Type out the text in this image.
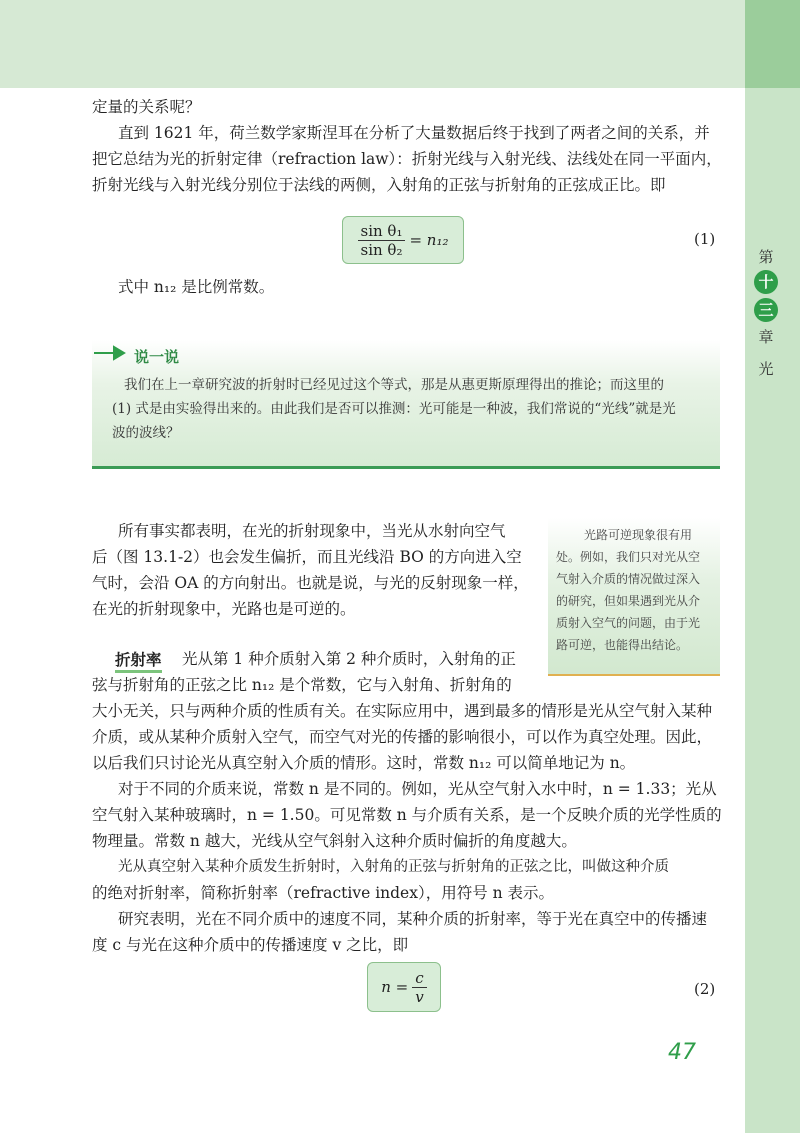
第
十
三
章
光
定量的关系呢？
直到 1621 年，荷兰数学家斯涅耳在分析了大量数据后终于找到了两者之间的关系，并
把它总结为光的折射定律（refraction law）：折射光线与入射光线、法线处在同一平面内，
折射光线与入射光线分别位于法线的两侧，入射角的正弦与折射角的正弦成正比。即
$\frac{\text{sin θ₁}}{\text{sin θ₂}} = n_{12}$	(1)
式中 n₁₂ 是比例常数。
说一说
我们在上一章研究波的折射时已经见过这个等式，那是从惠更斯原理得出的推论；而这里的
(1) 式是由实验得出来的。由此我们是否可以推测：光可能是一种波，我们常说的“光线”就是光
波的波线？
所有事实都表明，在光的折射现象中，当光从水射向空气
后（图 13.1-2）也会发生偏折，而且光线沿 BO 的方向进入空
气时，会沿 OA 的方向射出。也就是说，与光的反射现象一样，
在光的折射现象中，光路也是可逆的。
光路可逆现象很有用
处。例如，我们只对光从空
气射入介质的情况做过深入
的研究，但如果遇到光从介
质射入空气的问题，由于光
路可逆，也能得出结论。
折射率 光从第 1 种介质射入第 2 种介质时，入射角的正
弦与折射角的正弦之比 n₁₂ 是个常数，它与入射角、折射角的
大小无关，只与两种介质的性质有关。在实际应用中，遇到最多的情形是光从空气射入某种
介质，或从某种介质射入空气，而空气对光的传播的影响很小，可以作为真空处理。因此，
以后我们只讨论光从真空射入介质的情形。这时，常数 n₁₂ 可以简单地记为 n。
对于不同的介质来说，常数 n 是不同的。例如，光从空气射入水中时，n = 1.33；光从
空气射入某种玻璃时，n = 1.50。可见常数 n 与介质有关系，是一个反映介质的光学性质的
物理量。常数 n 越大，光线从空气斜射入这种介质时偏折的角度越大。
光从真空射入某种介质发生折射时，入射角的正弦与折射角的正弦之比，叫做这种介质
的绝对折射率，简称折射率（refractive index），用符号 n 表示。
研究表明，光在不同介质中的速度不同，某种介质的折射率，等于光在真空中的传播速
度 c 与光在这种介质中的传播速度 v 之比，即
$n = \frac{c}{v}$	(2)
47
